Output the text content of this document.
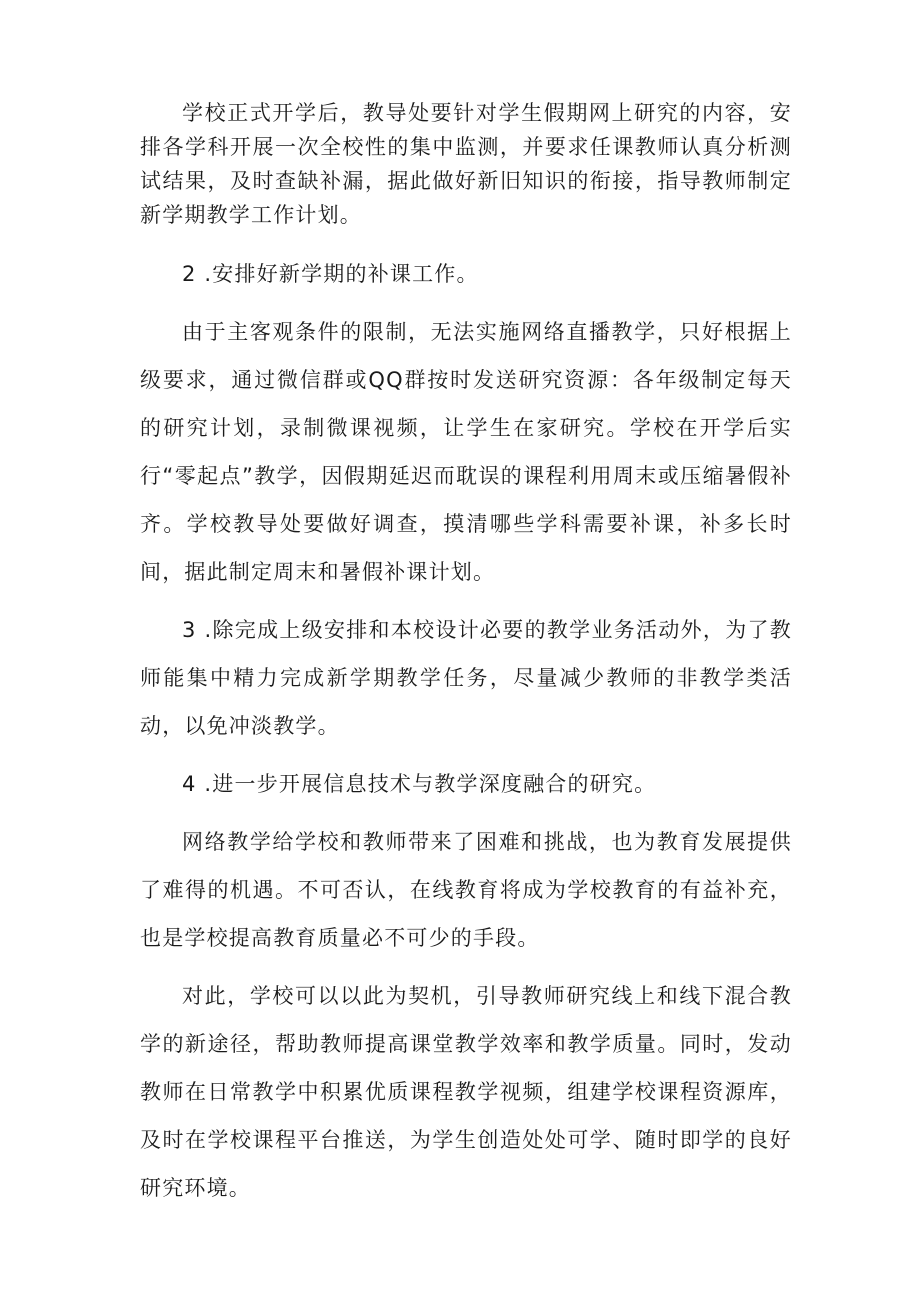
学校正式开学后，教导处要针对学生假期网上研究的内容，安排各学科开展一次全校性的集中监测，并要求任课教师认真分析测试结果，及时查缺补漏，据此做好新旧知识的衔接，指导教师制定新学期教学工作计划。

2 .安排好新学期的补课工作。

由于主客观条件的限制，无法实施网络直播教学，只好根据上级要求，通过微信群或QQ群按时发送研究资源：各年级制定每天的研究计划，录制微课视频，让学生在家研究。学校在开学后实行“零起点”教学，因假期延迟而耽误的课程利用周末或压缩暑假补齐。学校教导处要做好调查，摸清哪些学科需要补课，补多长时间，据此制定周末和暑假补课计划。

3 .除完成上级安排和本校设计必要的教学业务活动外，为了教师能集中精力完成新学期教学任务，尽量减少教师的非教学类活动，以免冲淡教学。

4 .进一步开展信息技术与教学深度融合的研究。

网络教学给学校和教师带来了困难和挑战，也为教育发展提供了难得的机遇。不可否认，在线教育将成为学校教育的有益补充，也是学校提高教育质量必不可少的手段。

对此，学校可以以此为契机，引导教师研究线上和线下混合教学的新途径，帮助教师提高课堂教学效率和教学质量。同时，发动教师在日常教学中积累优质课程教学视频，组建学校课程资源库，及时在学校课程平台推送，为学生创造处处可学、随时即学的良好研究环境。
